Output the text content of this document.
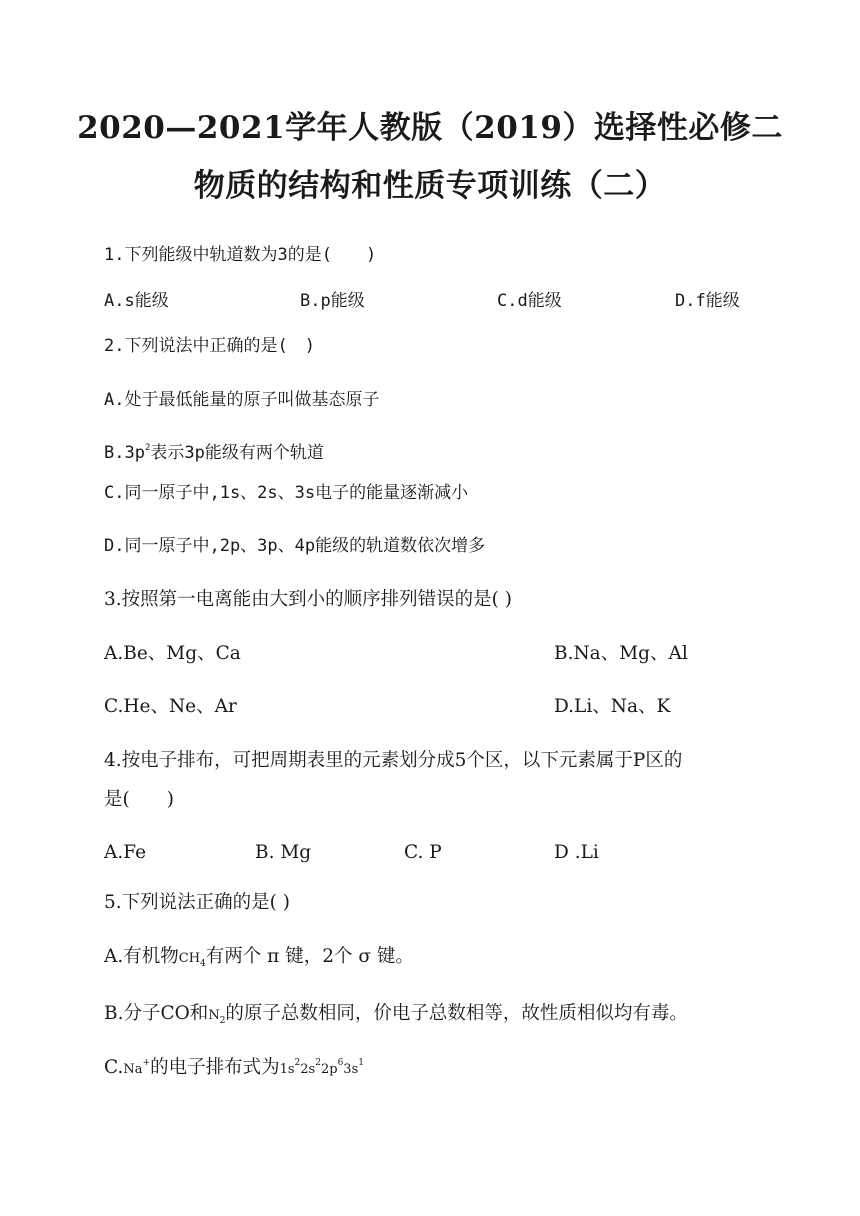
2020—2021学年人教版（2019）选择性必修二
物质的结构和性质专项训练（二）
1.下列能级中轨道数为3的是(　　)
A.s能级	B.p能级	C.d能级	D.f能级
2.下列说法中正确的是(　)
A.处于最低能量的原子叫做基态原子
$B.3p^2$表示3p能级有两个轨道
C.同一原子中,1s、2s、3s电子的能量逐渐减小
D.同一原子中,2p、3p、4p能级的轨道数依次增多
3.按照第一电离能由大到小的顺序排列错误的是( )
A.Be、Mg、Ca	B.Na、Mg、Al
C.He、Ne、Ar	D.Li、Na、K
4.按电子排布，可把周期表里的元素划分成5个区，以下元素属于P区的
是(　　)
A.Fe	B. Mg	C. P	D .Li
5.下列说法正确的是( )
A.有机物$CH_4$有两个 π 键，2个 σ 键。
B.分子CO和$N_2$的原子总数相同，价电子总数相等，故性质相似均有毒。
C.Na+的电子排布式为$1s^22s^22p^63s^1$
